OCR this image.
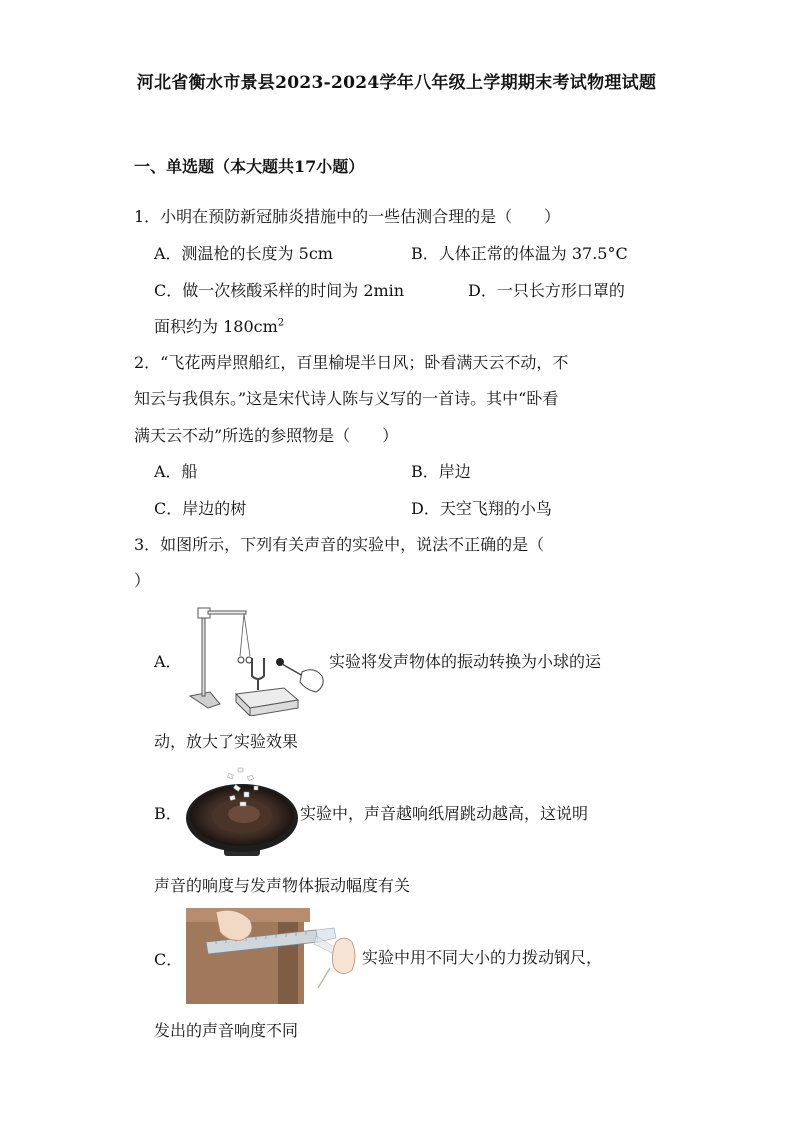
河北省衡水市景县2023-2024学年八年级上学期期末考试物理试题
一、单选题（本大题共17小题）
1．小明在预防新冠肺炎措施中的一些估测合理的是（　　）
A．测温枪的长度为 5cm	B．人体正常的体温为 37.5°C
C．做一次核酸采样的时间为 2min	D．一只长方形口罩的
面积约为 $180cm^2$
2．“飞花两岸照船红，百里榆堤半日风；卧看满天云不动，不
知云与我俱东。”这是宋代诗人陈与义写的一首诗。其中“卧看
满天云不动”所选的参照物是（　　）
A．船	B．岸边
C．岸边的树	D．天空飞翔的小鸟
3．如图所示，下列有关声音的实验中，说法不正确的是（
）
A．	实验将发声物体的振动转换为小球的运
动，放大了实验效果
B．	实验中，声音越响纸屑跳动越高，这说明
声音的响度与发声物体振动幅度有关
C．	实验中用不同大小的力拨动钢尺，
发出的声音响度不同
